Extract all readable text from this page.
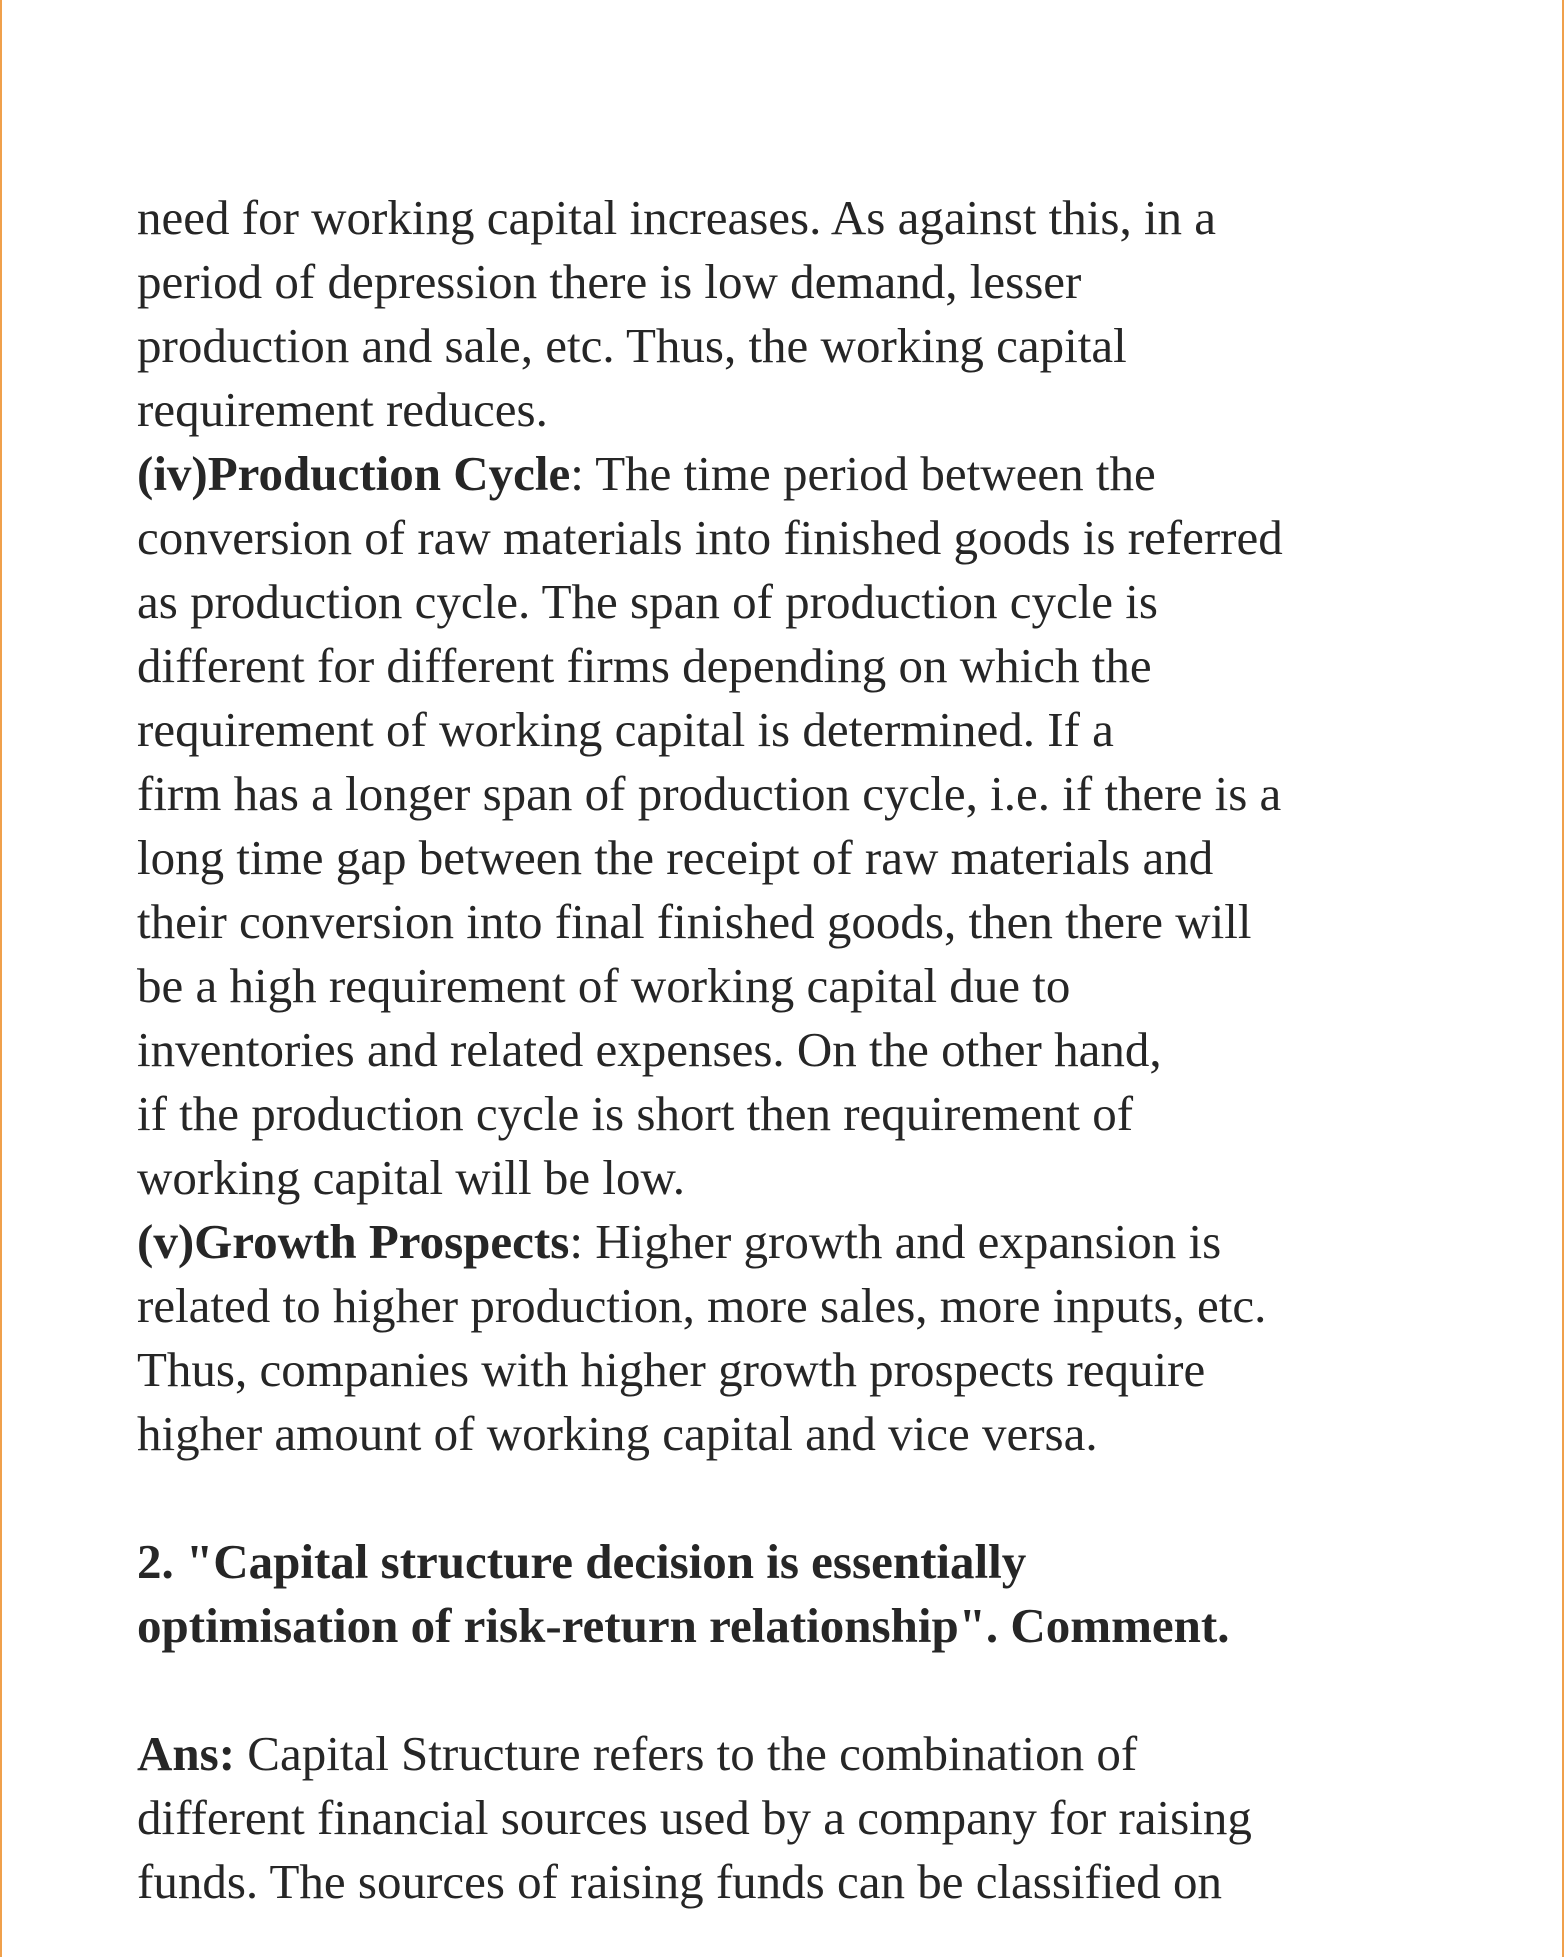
need for working capital increases. As against this, in a
period of depression there is low demand, lesser
production and sale, etc. Thus, the working capital
requirement reduces.
(iv)Production Cycle: The time period between the
conversion of raw materials into finished goods is referred
as production cycle. The span of production cycle is
different for different firms depending on which the
requirement of working capital is determined. If a
firm has a longer span of production cycle, i.e. if there is a
long time gap between the receipt of raw materials and
their conversion into final finished goods, then there will
be a high requirement of working capital due to
inventories and related expenses. On the other hand,
if the production cycle is short then requirement of
working capital will be low.
(v)Growth Prospects: Higher growth and expansion is
related to higher production, more sales, more inputs, etc.
Thus, companies with higher growth prospects require
higher amount of working capital and vice versa.
2. "Capital structure decision is essentially
optimisation of risk-return relationship". Comment.
Ans: Capital Structure refers to the combination of
different financial sources used by a company for raising
funds. The sources of raising funds can be classified on
